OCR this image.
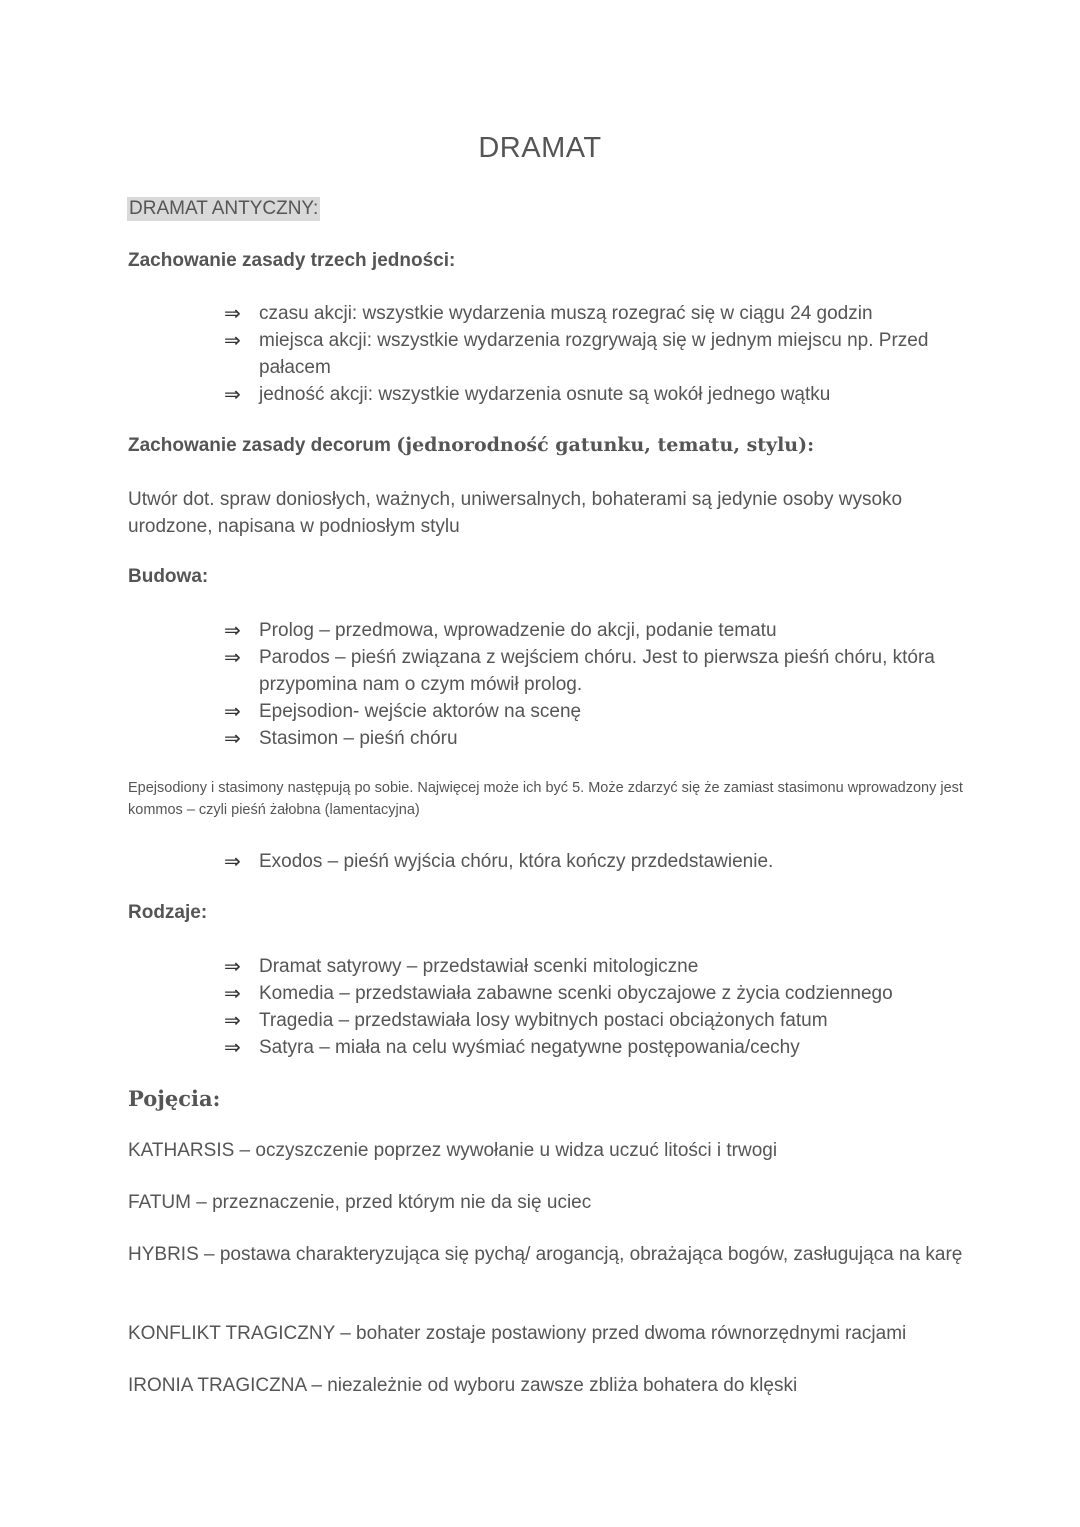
DRAMAT
DRAMAT ANTYCZNY:
Zachowanie zasady trzech jedności:
⇒ czasu akcji: wszystkie wydarzenia muszą rozegrać się w ciągu 24 godzin
⇒ miejsca akcji: wszystkie wydarzenia rozgrywają się w jednym miejscu np. Przed pałacem
⇒ jedność akcji: wszystkie wydarzenia osnute są wokół jednego wątku
Zachowanie zasady decorum (jednorodność gatunku, tematu, stylu):
Utwór dot. spraw doniosłych, ważnych, uniwersalnych, bohaterami są jedynie osoby wysoko urodzone, napisana w podniosłym stylu
Budowa:
⇒ Prolog – przedmowa, wprowadzenie do akcji, podanie tematu
⇒ Parodos – pieśń związana z wejściem chóru. Jest to pierwsza pieśń chóru, która przypomina nam o czym mówił prolog.
⇒ Epejsodion- wejście aktorów na scenę
⇒ Stasimon – pieśń chóru
Epejsodiony i stasimony następują po sobie. Najwięcej może ich być 5. Może zdarzyć się że zamiast stasimonu wprowadzony jest kommos – czyli pieśń żałobna (lamentacyjna)
⇒ Exodos – pieśń wyjścia chóru, która kończy przdedstawienie.
Rodzaje:
⇒ Dramat satyrowy – przedstawiał scenki mitologiczne
⇒ Komedia – przedstawiała zabawne scenki obyczajowe z życia codziennego
⇒ Tragedia – przedstawiała losy wybitnych postaci obciążonych fatum
⇒ Satyra – miała na celu wyśmiać negatywne postępowania/cechy
Pojęcia:
KATHARSIS – oczyszczenie poprzez wywołanie u widza uczuć litości i trwogi
FATUM – przeznaczenie, przed którym nie da się uciec
HYBRIS – postawa charakteryzująca się pychą/ arogancją, obrażająca bogów, zasługująca na karę
KONFLIKT TRAGICZNY – bohater zostaje postawiony przed dwoma równorzędnymi racjami
IRONIA TRAGICZNA – niezależnie od wyboru zawsze zbliża bohatera do klęski
